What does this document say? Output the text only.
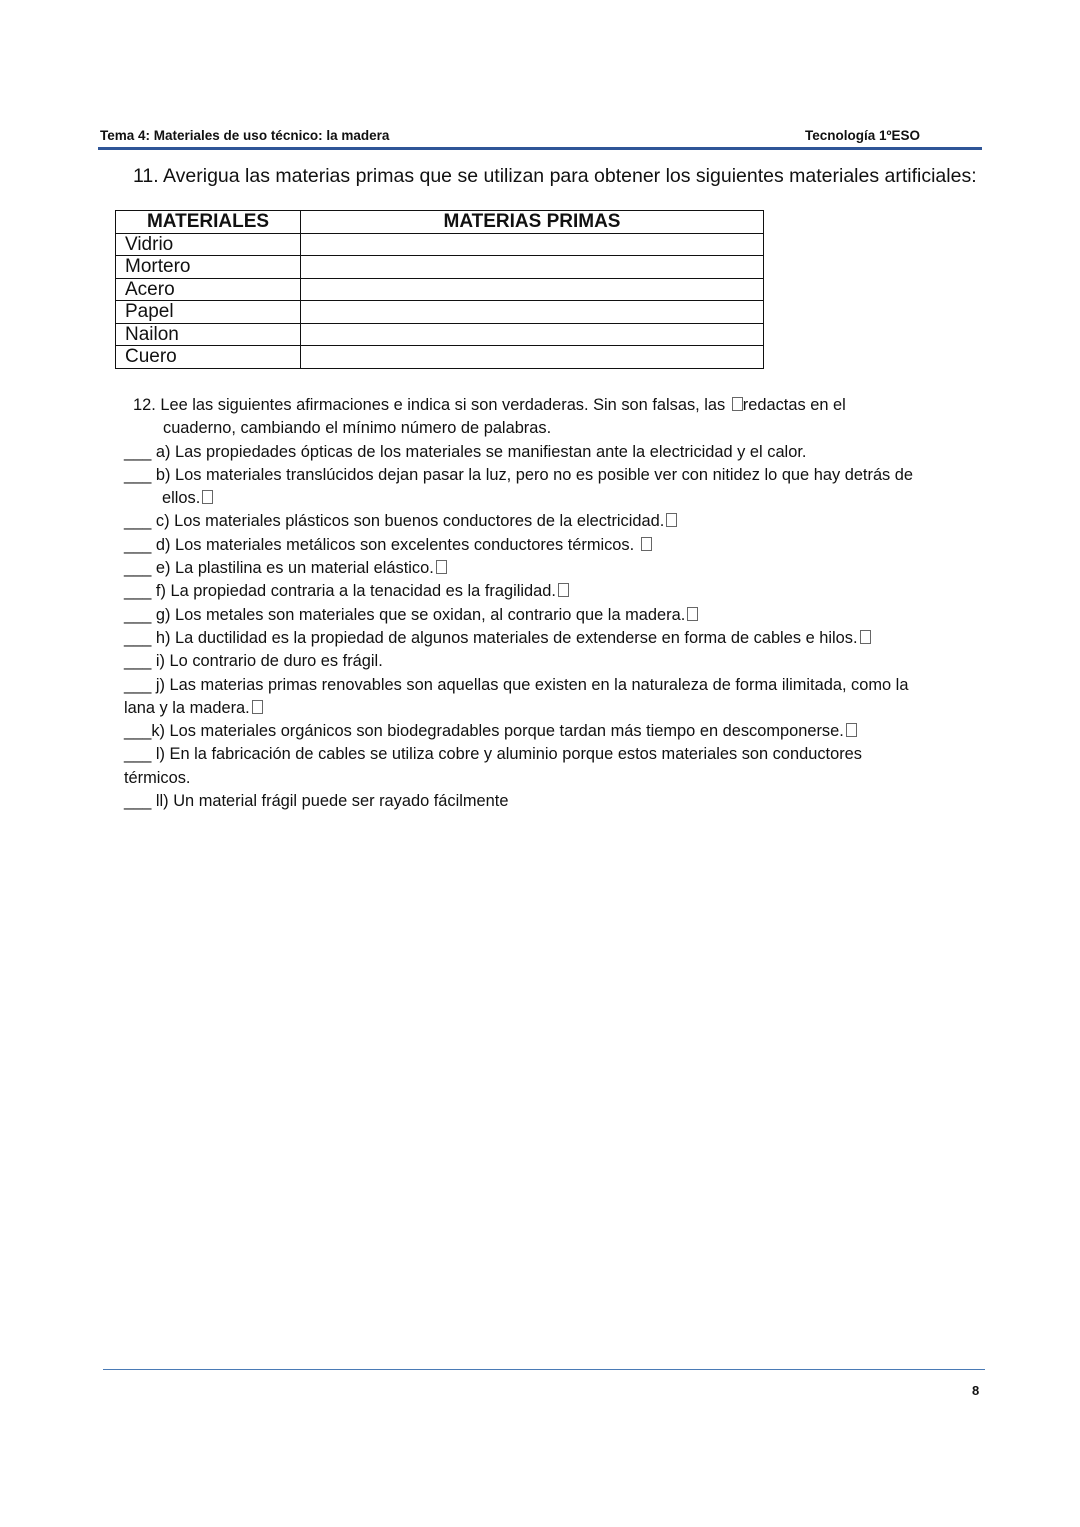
Tema 4: Materiales de uso técnico: la madera	Tecnología 1ºESO
11. Averigua las materias primas que se utilizan para obtener los siguientes materiales artificiales:
MATERIALES	MATERIAS PRIMAS
Vidrio	
Mortero	
Acero	
Papel	
Nailon	
Cuero	
12. Lee las siguientes afirmaciones e indica si son verdaderas. Sin son falsas, las redactas en el
cuaderno, cambiando el mínimo número de palabras.
___ a) Las propiedades ópticas de los materiales se manifiestan ante la electricidad y el calor.
___ b) Los materiales translúcidos dejan pasar la luz, pero no es posible ver con nitidez lo que hay detrás de
ellos.
___ c) Los materiales plásticos son buenos conductores de la electricidad.
___ d) Los materiales metálicos son excelentes conductores térmicos.
___ e) La plastilina es un material elástico.
___ f) La propiedad contraria a la tenacidad es la fragilidad.
___ g) Los metales son materiales que se oxidan, al contrario que la madera.
___ h) La ductilidad es la propiedad de algunos materiales de extenderse en forma de cables e hilos.
___ i) Lo contrario de duro es frágil.
___ j) Las materias primas renovables son aquellas que existen en la naturaleza de forma ilimitada, como la
lana y la madera.
___k) Los materiales orgánicos son biodegradables porque tardan más tiempo en descomponerse.
___ l) En la fabricación de cables se utiliza cobre y aluminio porque estos materiales son conductores
térmicos.
___ ll) Un material frágil puede ser rayado fácilmente
8
